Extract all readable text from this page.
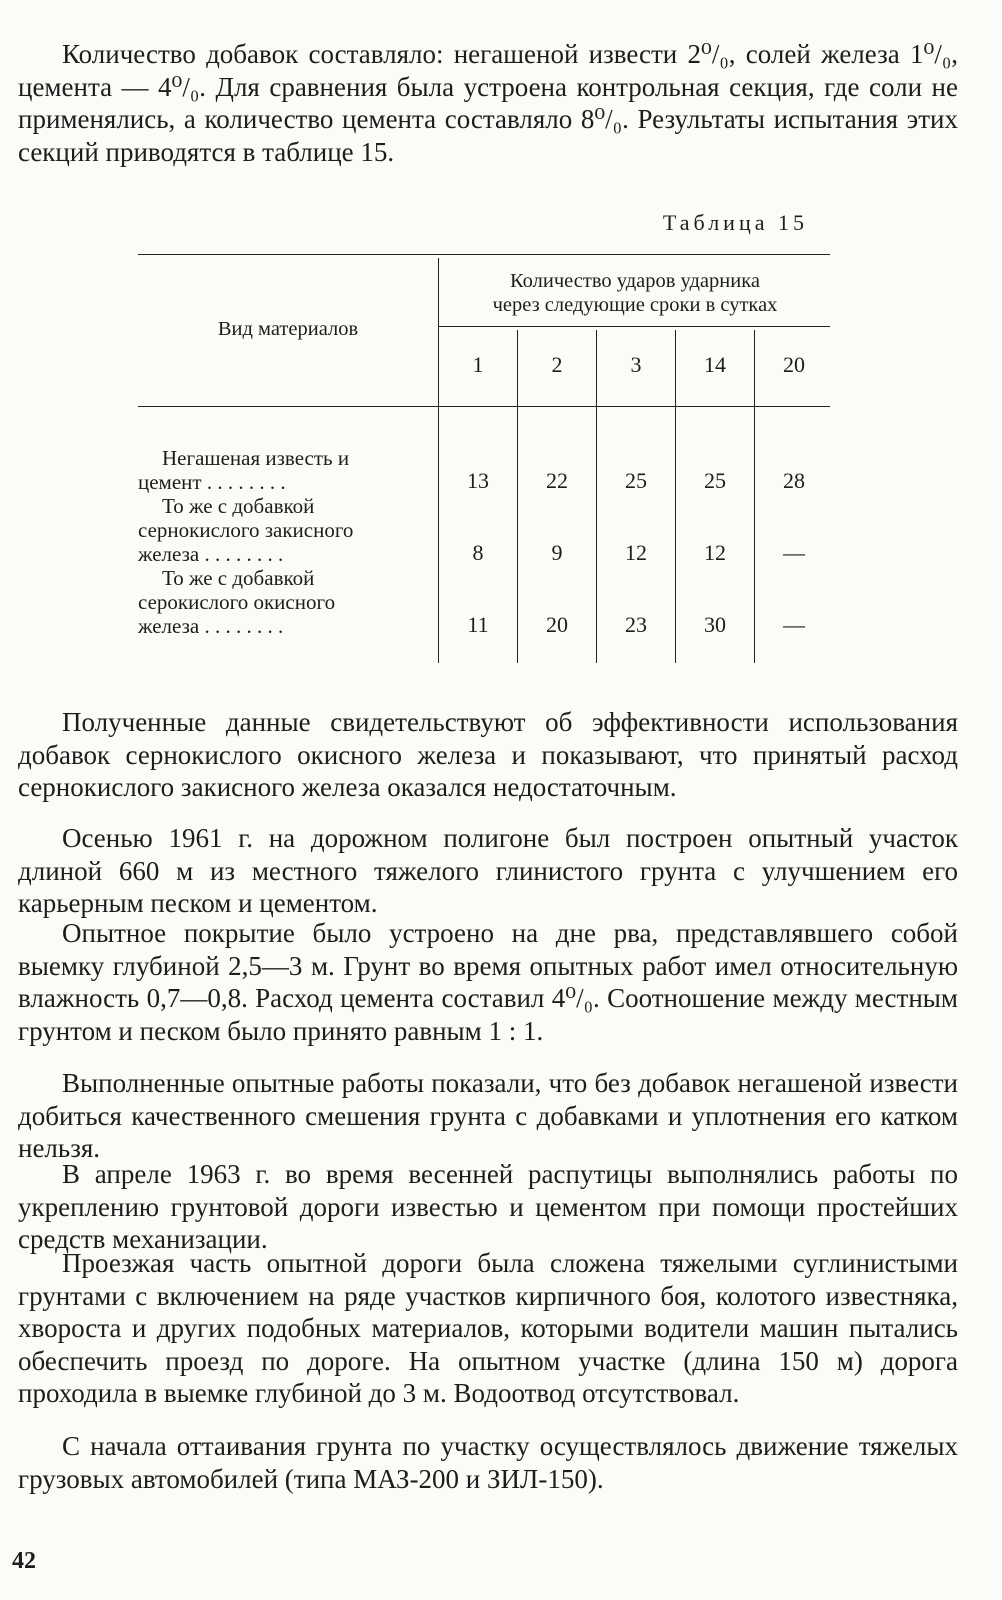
Количество добавок составляло: негашеной извести 2⁰/₀, солей железа 1⁰/₀, цемента — 4⁰/₀. Для сравнения была устроена контрольная секция, где соли не применялись, а количество цемента составляло 8⁰/₀. Результаты испытания этих секций приводятся в таблице 15.

Таблица 15
Вид материалов
Количество ударов ударника
через следующие сроки в сутках
1	2	3	14	20
Негашеная известь и
цемент . . . . . . . .	13	22	25	25	28
То же с добавкой
сернокислого закисного
железа . . . . . . . .	8	9	12	12	—
То же с добавкой
серокислого окисного
железа . . . . . . . .	11	20	23	30	—

Полученные данные свидетельствуют об эффективности использования добавок сернокислого окисного железа и показывают, что принятый расход сернокислого закисного железа оказался недостаточным.

Осенью 1961 г. на дорожном полигоне был построен опытный участок длиной 660 м из местного тяжелого глинистого грунта с улучшением его карьерным песком и цементом.

Опытное покрытие было устроено на дне рва, представлявшего собой выемку глубиной 2,5—3 м. Грунт во время опытных работ имел относительную влажность 0,7—0,8. Расход цемента составил 4⁰/₀. Соотношение между местным грунтом и песком было принято равным 1 : 1.

Выполненные опытные работы показали, что без добавок негашеной извести добиться качественного смешения грунта с добавками и уплотнения его катком нельзя.

В апреле 1963 г. во время весенней распутицы выполнялись работы по укреплению грунтовой дороги известью и цементом при помощи простейших средств механизации.

Проезжая часть опытной дороги была сложена тяжелыми суглинистыми грунтами с включением на ряде участков кирпичного боя, колотого известняка, хвороста и других подобных материалов, которыми водители машин пытались обеспечить проезд по дороге. На опытном участке (длина 150 м) дорога проходила в выемке глубиной до 3 м. Водоотвод отсутствовал.

С начала оттаивания грунта по участку осуществлялось движение тяжелых грузовых автомобилей (типа МАЗ-200 и ЗИЛ-150).

42
